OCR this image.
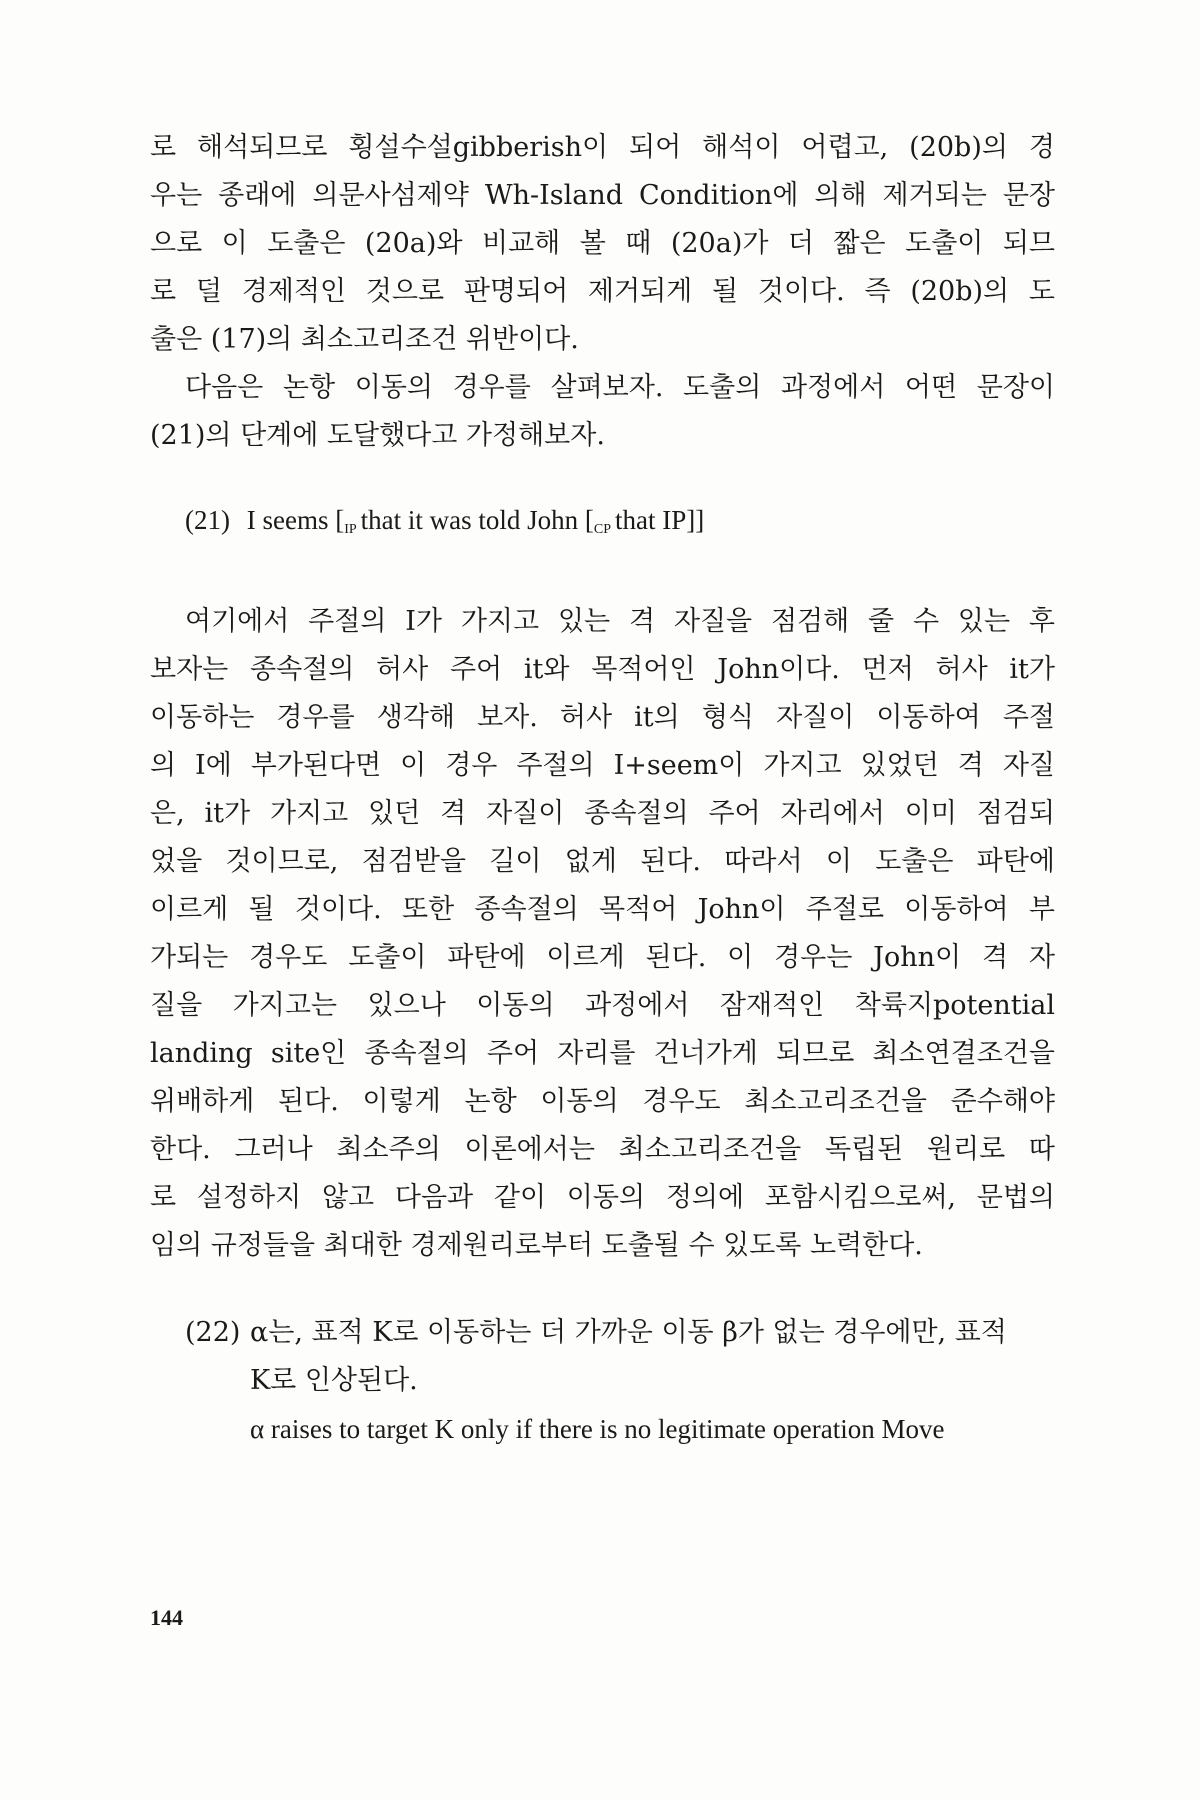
로 해석되므로 횡설수설gibberish이 되어 해석이 어렵고, (20b)의 경
우는 종래에 의문사섬제약 Wh-Island Condition에 의해 제거되는 문장
으로 이 도출은 (20a)와 비교해 볼 때 (20a)가 더 짧은 도출이 되므
로 덜 경제적인 것으로 판명되어 제거되게 될 것이다. 즉 (20b)의 도
출은 (17)의 최소고리조건 위반이다.
다음은 논항 이동의 경우를 살펴보자. 도출의 과정에서 어떤 문장이
(21)의 단계에 도달했다고 가정해보자.
(21) I seems [$_{IP}$ that it was told John [$_{CP}$ that IP]]
여기에서 주절의 I가 가지고 있는 격 자질을 점검해 줄 수 있는 후
보자는 종속절의 허사 주어 it와 목적어인 John이다. 먼저 허사 it가
이동하는 경우를 생각해 보자. 허사 it의 형식 자질이 이동하여 주절
의 I에 부가된다면 이 경우 주절의 I+seem이 가지고 있었던 격 자질
은, it가 가지고 있던 격 자질이 종속절의 주어 자리에서 이미 점검되
었을 것이므로, 점검받을 길이 없게 된다. 따라서 이 도출은 파탄에
이르게 될 것이다. 또한 종속절의 목적어 John이 주절로 이동하여 부
가되는 경우도 도출이 파탄에 이르게 된다. 이 경우는 John이 격 자
질을 가지고는 있으나 이동의 과정에서 잠재적인 착륙지potential
landing site인 종속절의 주어 자리를 건너가게 되므로 최소연결조건을
위배하게 된다. 이렇게 논항 이동의 경우도 최소고리조건을 준수해야
한다. 그러나 최소주의 이론에서는 최소고리조건을 독립된 원리로 따
로 설정하지 않고 다음과 같이 이동의 정의에 포함시킴으로써, 문법의
임의 규정들을 최대한 경제원리로부터 도출될 수 있도록 노력한다.
(22) α는, 표적 K로 이동하는 더 가까운 이동 β가 없는 경우에만, 표적
K로 인상된다.
α raises to target K only if there is no legitimate operation Move
144
